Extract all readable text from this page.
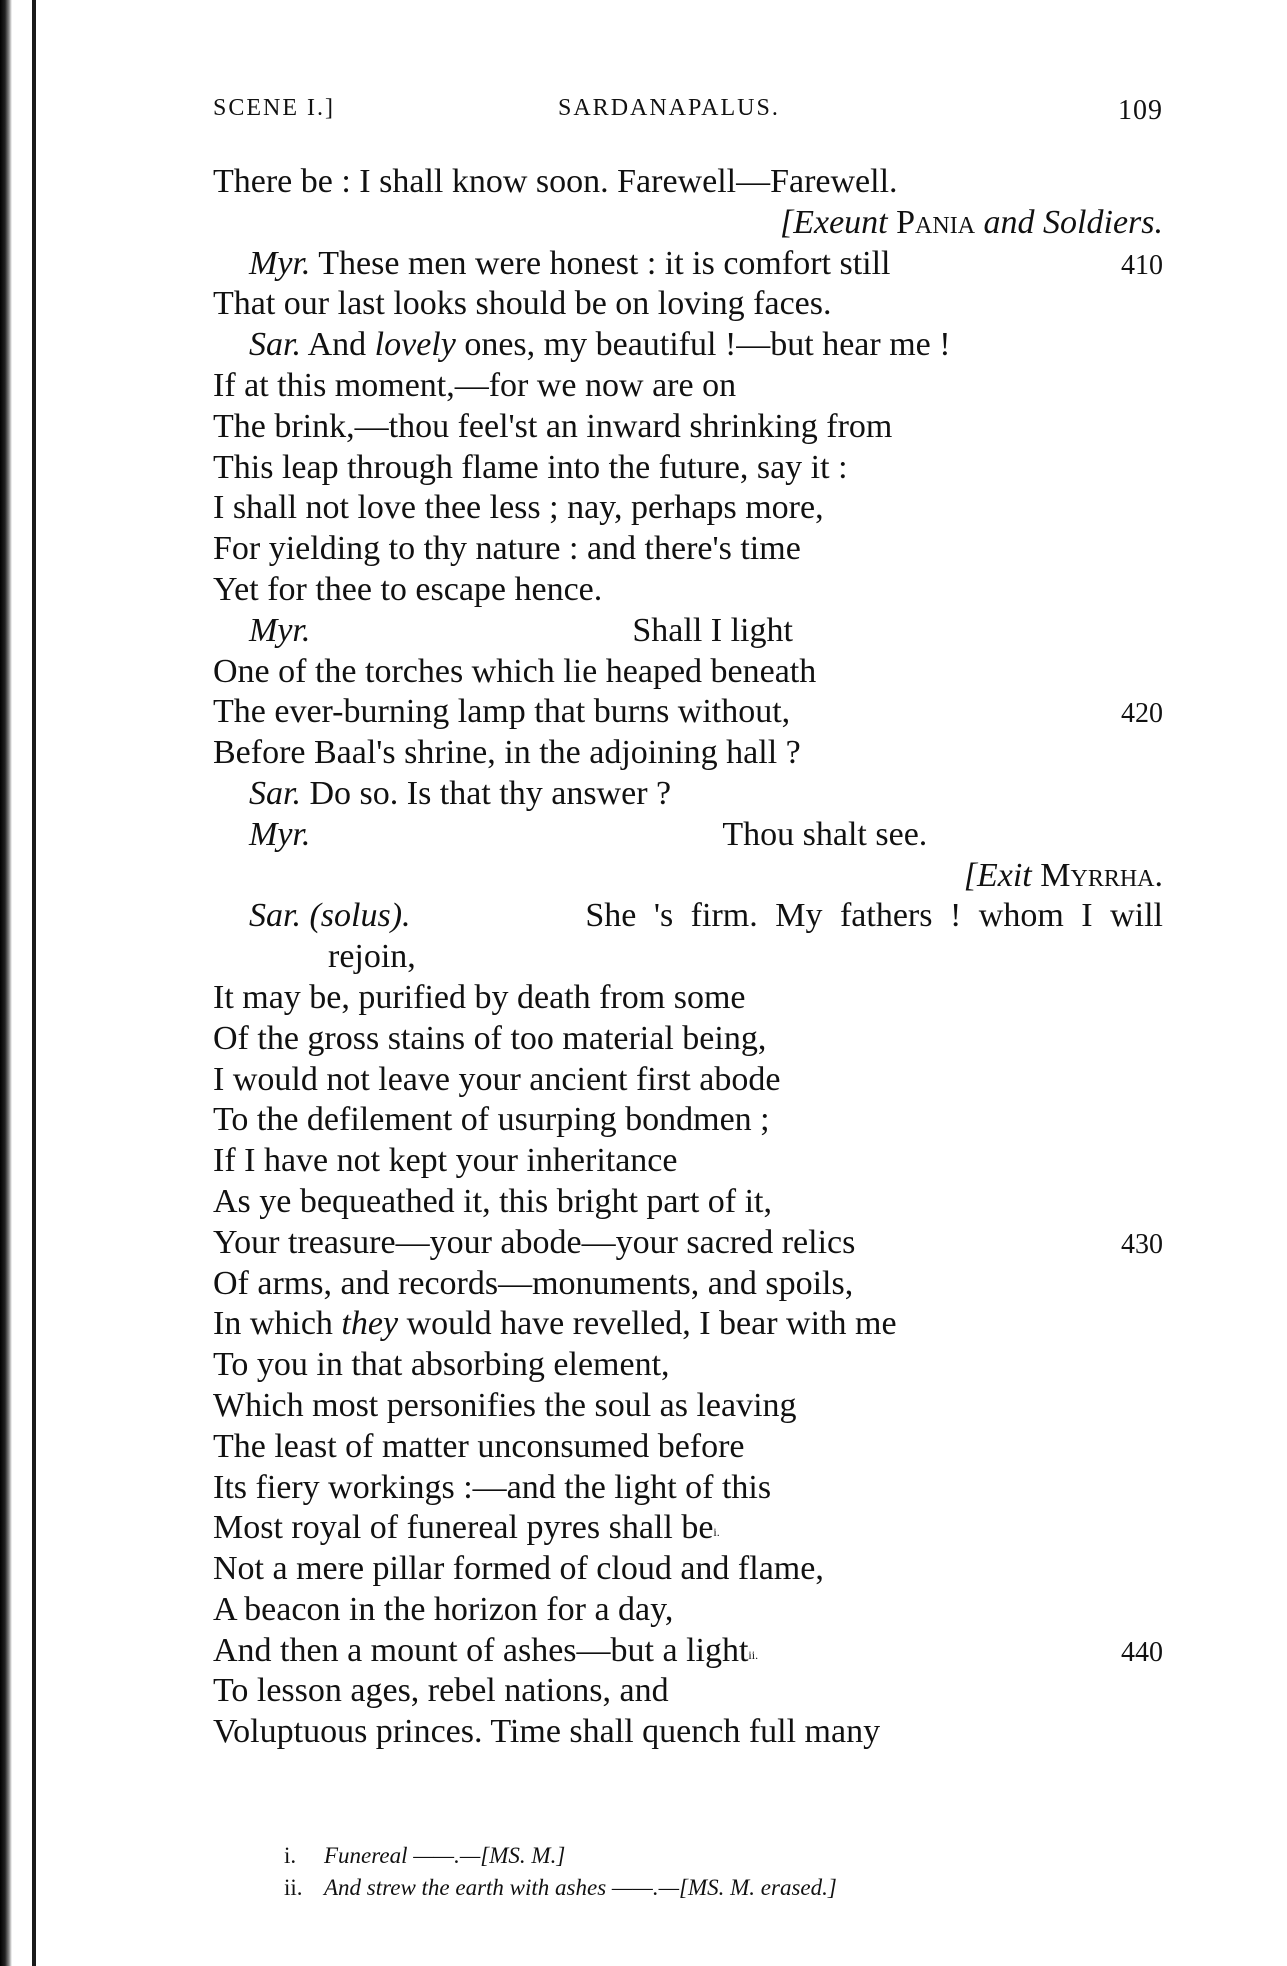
SCENE I.]	SARDANAPALUS.	109
There be : I shall know soon. Farewell—Farewell.
[Exeunt Pania and Soldiers.
Myr. These men were honest : it is comfort still	410
That our last looks should be on loving faces.
Sar. And lovely ones, my beautiful !—but hear me !
If at this moment,—for we now are on
The brink,—thou feel'st an inward shrinking from
This leap through flame into the future, say it :
I shall not love thee less ; nay, perhaps more,
For yielding to thy nature : and there's time
Yet for thee to escape hence.
Myr.	Shall I light
One of the torches which lie heaped beneath
The ever-burning lamp that burns without,	420
Before Baal's shrine, in the adjoining hall ?
Sar. Do so. Is that thy answer ?
Myr.	Thou shalt see.
[Exit Myrrha.
Sar. (solus).	She 's firm. My fathers ! whom I will
rejoin,
It may be, purified by death from some
Of the gross stains of too material being,
I would not leave your ancient first abode
To the defilement of usurping bondmen ;
If I have not kept your inheritance
As ye bequeathed it, this bright part of it,
Your treasure—your abode—your sacred relics	430
Of arms, and records—monuments, and spoils,
In which they would have revelled, I bear with me
To you in that absorbing element,
Which most personifies the soul as leaving
The least of matter unconsumed before
Its fiery workings :—and the light of this
Most royal of funereal pyres shall $be^{i.}$
Not a mere pillar formed of cloud and flame,
A beacon in the horizon for a day,
And then a mount of ashes—but a light$^{ii.}$	440
To lesson ages, rebel nations, and
Voluptuous princes. Time shall quench full many
i. Funereal ——.—[MS. M.]
ii. And strew the earth with ashes ——.—[MS. M. erased.]
